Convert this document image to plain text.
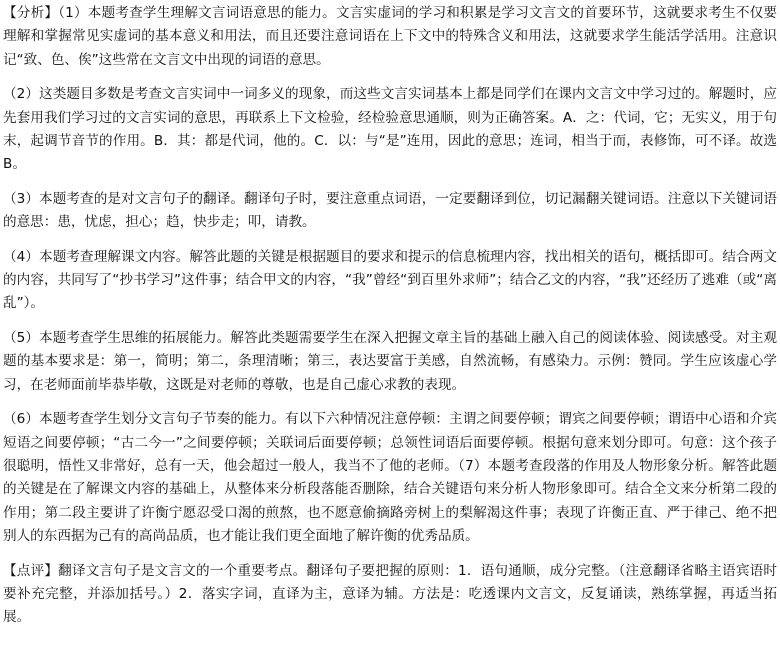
【分析】（1）本题考查学生理解文言词语意思的能力。文言实虚词的学习和积累是学习文言文的首要环节，这就要求考生不仅要理解和掌握常见实虚词的基本意义和用法，而且还要注意词语在上下文中的特殊含义和用法，这就要求学生能活学活用。注意识记“致、色、俟”这些常在文言文中出现的词语的意思。

（2）这类题目多数是考查文言实词中一词多义的现象，而这些文言实词基本上都是同学们在课内文言文中学习过的。解题时，应先套用我们学习过的文言实词的意思，再联系上下文检验，经检验意思通顺，则为正确答案。A．之：代词，它；无实义，用于句末，起调节音节的作用。B．其：都是代词，他的。C．以：与“是”连用，因此的意思；连词，相当于而，表修饰，可不译。故选B。

（3）本题考查的是对文言句子的翻译。翻译句子时，要注意重点词语，一定要翻译到位，切记漏翻关键词语。注意以下关键词语的意思：患，忧虑，担心；趋，快步走；叩，请教。

（4）本题考查理解课文内容。解答此题的关键是根据题目的要求和提示的信息梳理内容，找出相关的语句，概括即可。结合两文的内容，共同写了“抄书学习”这件事；结合甲文的内容，“我”曾经“到百里外求师”；结合乙文的内容，“我”还经历了逃难（或“离乱”）。

（5）本题考查学生思维的拓展能力。解答此类题需要学生在深入把握文章主旨的基础上融入自己的阅读体验、阅读感受。对主观题的基本要求是：第一，简明；第二，条理清晰；第三，表达要富于美感，自然流畅，有感染力。示例：赞同。学生应该虚心学习，在老师面前毕恭毕敬，这既是对老师的尊敬，也是自己虚心求教的表现。

（6）本题考查学生划分文言句子节奏的能力。有以下六种情况注意停顿：主谓之间要停顿；谓宾之间要停顿；谓语中心语和介宾短语之间要停顿；“古二今一”之间要停顿；关联词后面要停顿；总领性词语后面要停顿。根据句意来划分即可。句意：这个孩子很聪明，悟性又非常好，总有一天，他会超过一般人，我当不了他的老师。（7）本题考查段落的作用及人物形象分析。解答此题的关键是在了解课文内容的基础上，从整体来分析段落能否删除，结合关键语句来分析人物形象即可。结合全文来分析第二段的作用；第二段主要讲了许衡宁愿忍受口渴的煎熬，也不愿意偷摘路旁树上的梨解渴这件事；表现了许衡正直、严于律己、绝不把别人的东西据为己有的高尚品质，也才能让我们更全面地了解许衡的优秀品质。

【点评】翻译文言句子是文言文的一个重要考点。翻译句子要把握的原则：1．语句通顺，成分完整。（注意翻译省略主语宾语时要补充完整，并添加括号。）2．落实字词，直译为主，意译为辅。方法是：吃透课内文言文，反复诵读，熟练掌握，再适当拓展。
